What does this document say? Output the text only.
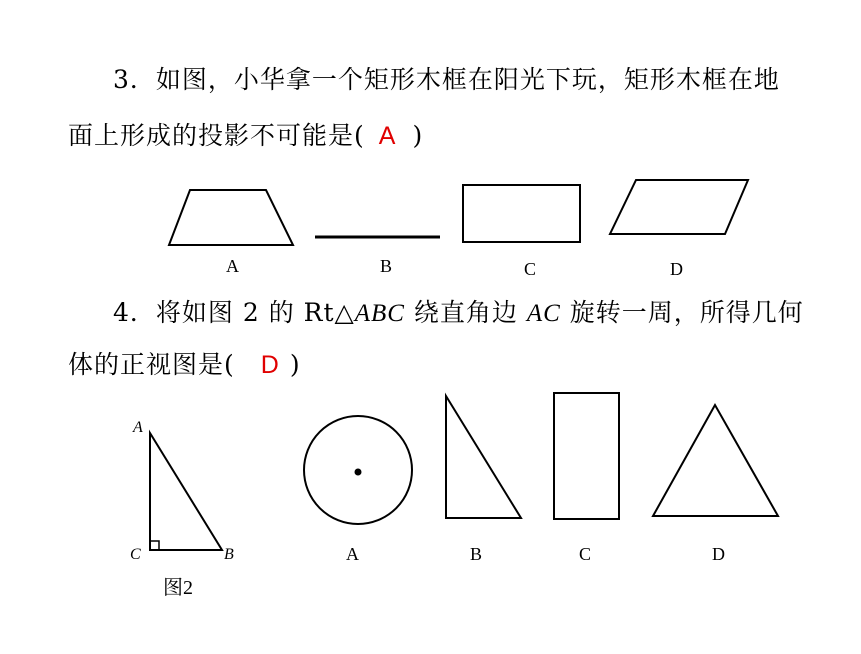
3．如图，小华拿一个矩形木框在阳光下玩，矩形木框在地
面上形成的投影不可能是( A )
A	B	C	D
4．将如图 2 的 Rt△ABC 绕直角边 AC 旋转一周，所得几何
体的正视图是( D )
A
C	B
图2
A	B	C	D
